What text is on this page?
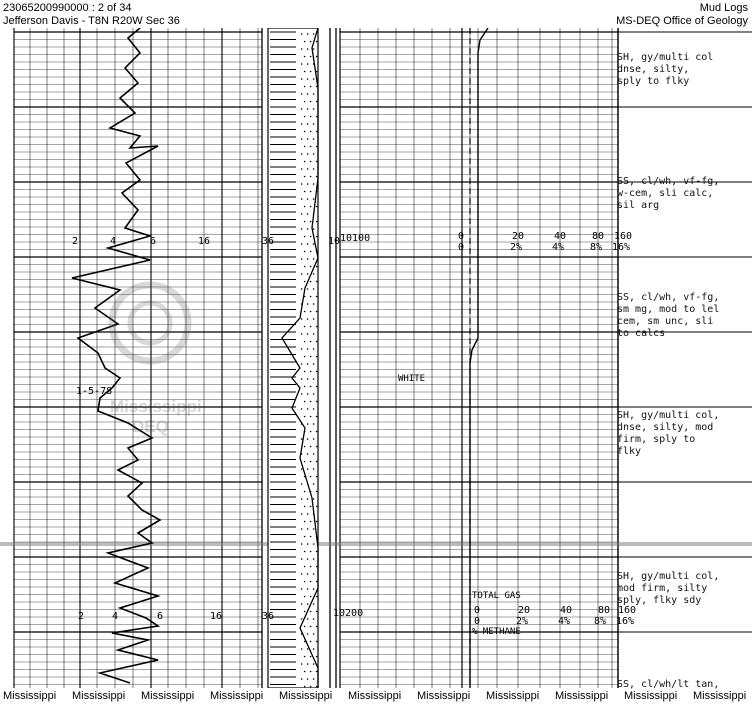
23065200990000 : 2 of 34
Jefferson Davis - T8N R20W Sec 36
Mud Logs
MS-DEQ Office of Geology
10100
10200
2	4	6	16	36	10
2	4	6	16	36
0	20	40	80 160
0	2%	4%	8% 16%
0	20	40	80 160
0	2%	4% 8% 16%
1-5-78
WHITE
TOTAL GAS
% METHANE
Mississippi
DEQ
SH, gy/multi col
dnse, silty,
sply to flky
SS, cl/wh, vf-fg,
w-cem, sli calc,
sil arg
SS, cl/wh, vf-fg,
sm mg, mod to lel
cem, sm unc, sli
to calcs
SH, gy/multi col,
dnse, silty, mod
firm, sply to
flky
SH, gy/multi col,
mod firm, silty
sply, flky sdy
SS, cl/wh/lt tan,
Mississippi Mississippi Mississippi Mississippi Mississippi Mississippi Mississippi Mississippi Mississippi Mississippi Mississippi
